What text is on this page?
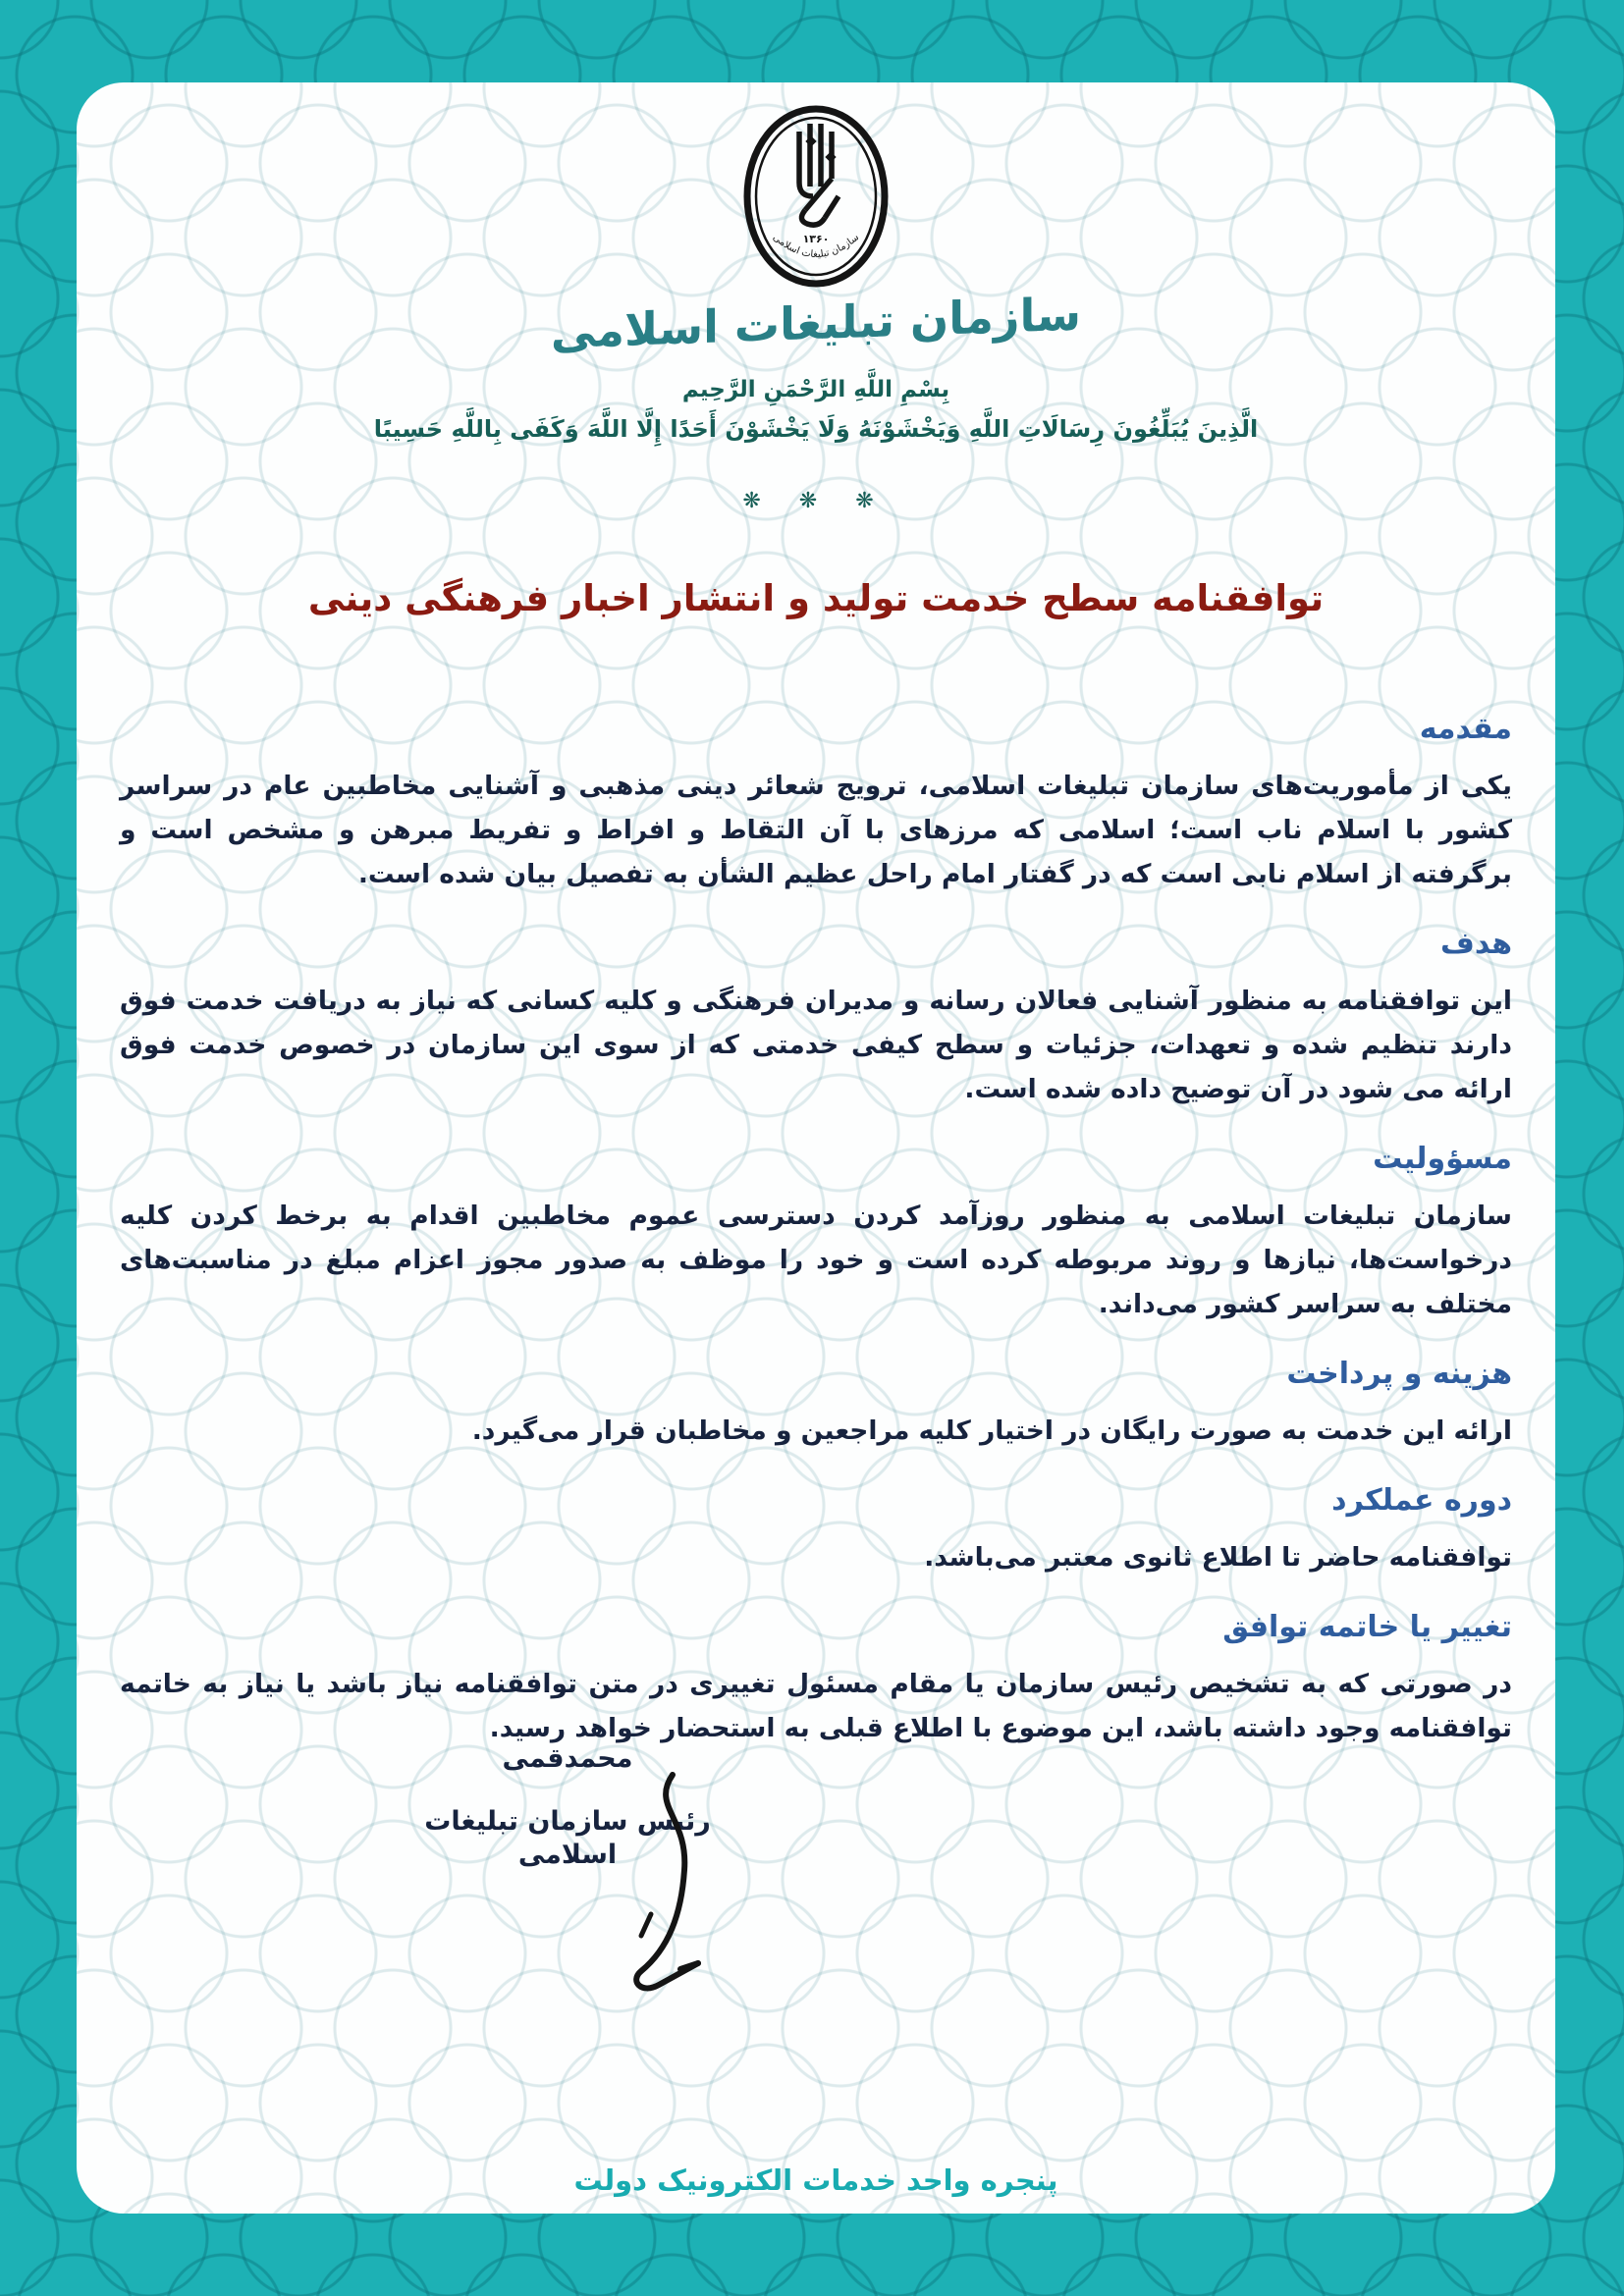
۱۳۶۰
سازمان تبلیغات اسلامی
سازمان تبلیغات اسلامی
بِسْمِ اللَّهِ الرَّحْمَنِ الرَّحِيم
الَّذِينَ يُبَلِّغُونَ رِسَالَاتِ اللَّهِ وَيَخْشَوْنَهُ وَلَا يَخْشَوْنَ أَحَدًا إِلَّا اللَّهَ وَكَفَى بِاللَّهِ حَسِيبًا
❋ ❋ ❋
توافقنامه سطح خدمت تولید و انتشار اخبار فرهنگی دینی
مقدمه

یکی از مأموریت‌های سازمان تبلیغات اسلامی، ترویج شعائر دینی مذهبی و آشنایی مخاطبین عام در سراسر کشور با اسلام ناب است؛ اسلامی که مرزهای با آن التقاط و افراط و تفریط مبرهن و مشخص است و برگرفته از اسلام نابی است که در گفتار امام راحل عظیم الشأن به تفصیل بیان شده است.

هدف

این توافقنامه به منظور آشنایی فعالان رسانه و مدیران فرهنگی و کلیه کسانی که نیاز به دریافت خدمت فوق دارند تنظیم شده و تعهدات، جزئیات و سطح کیفی خدمتی که از سوی این سازمان در خصوص خدمت فوق ارائه می شود در آن توضیح داده شده است.

مسؤولیت

سازمان تبلیغات اسلامی به منظور روزآمد کردن دسترسی عموم مخاطبین اقدام به برخط کردن کلیه درخواست‌ها، نیازها و روند مربوطه کرده است و خود را موظف به صدور مجوز اعزام مبلغ در مناسبت‌های مختلف به سراسر کشور می‌داند.

هزینه و پرداخت

ارائه این خدمت به صورت رایگان در اختیار کلیه مراجعین و مخاطبان قرار می‌گیرد.

دوره عملکرد

توافقنامه حاضر تا اطلاع ثانوی معتبر می‌باشد.

تغییر یا خاتمه توافق

در صورتی که به تشخیص رئیس سازمان یا مقام مسئول تغییری در متن توافقنامه نیاز باشد یا نیاز به خاتمه توافقنامه وجود داشته باشد، این موضوع با اطلاع قبلی به استحضار خواهد رسید.

محمدقمی
رئیس سازمان تبلیغات اسلامی
پنجره واحد خدمات الکترونیک دولت
